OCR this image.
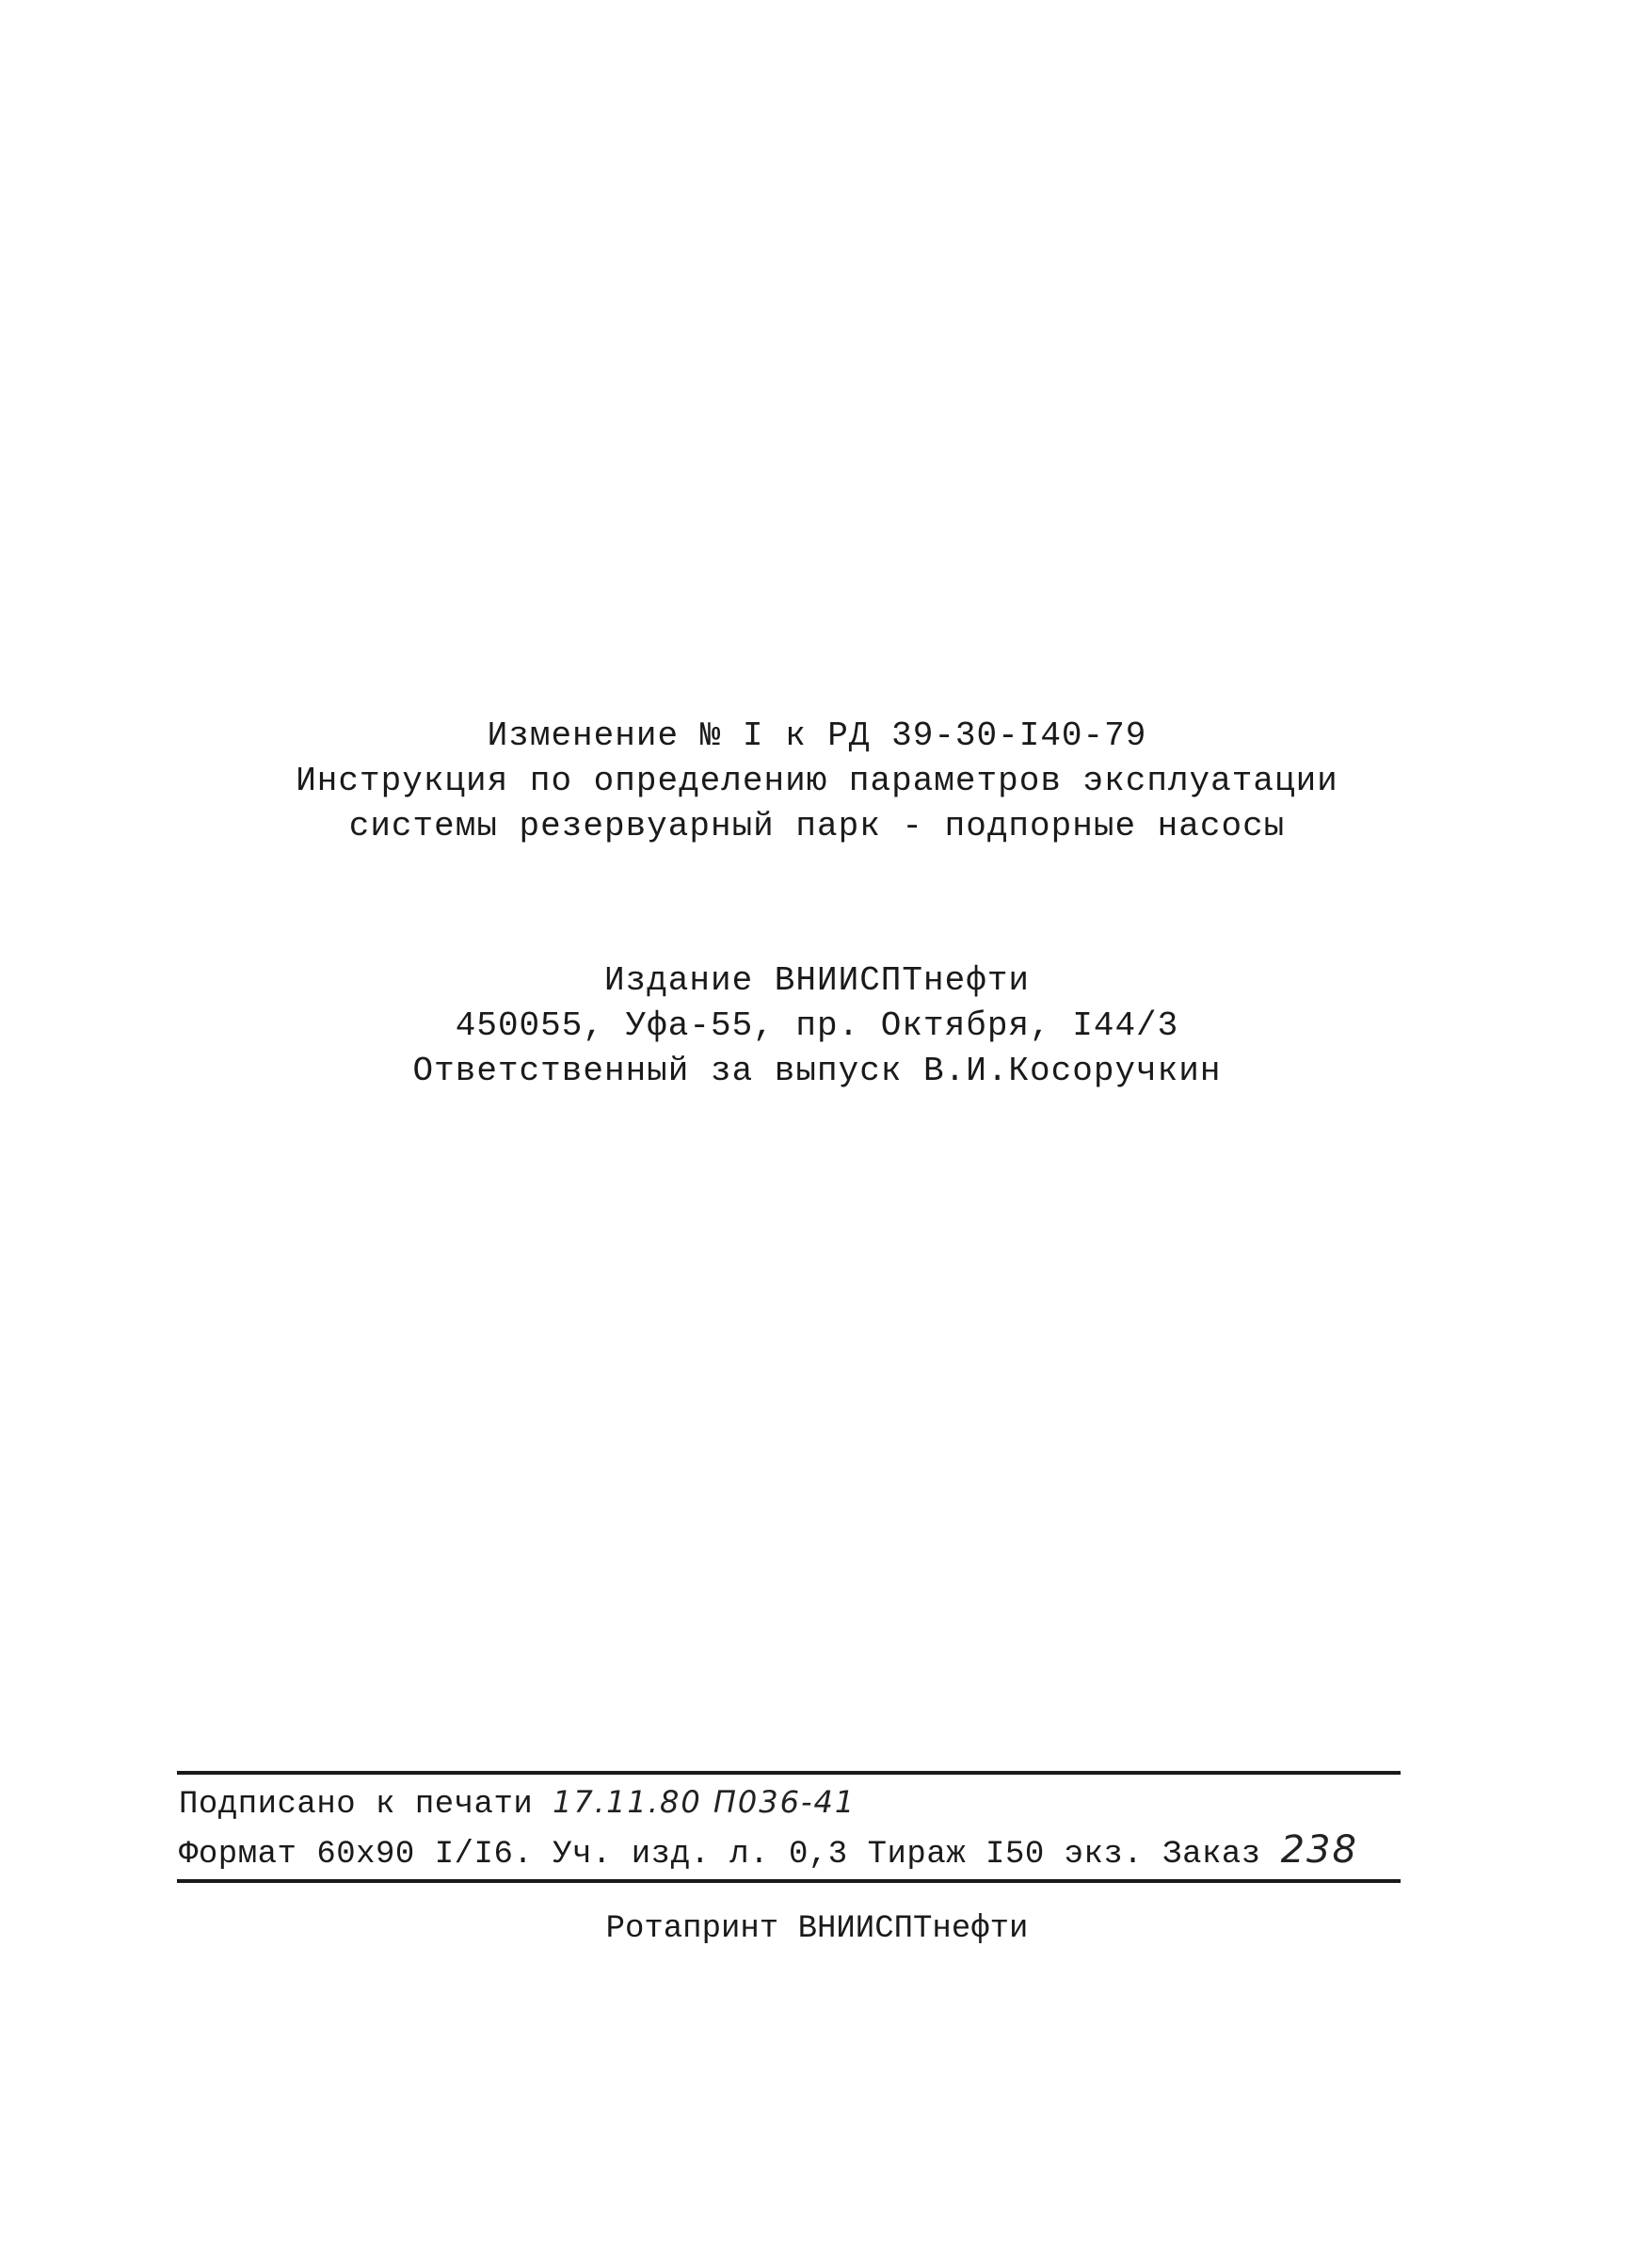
Изменение № I к РД 39-30-I40-79
Инструкция по определению параметров эксплуатации
системы резервуарный парк - подпорные насосы
Издание ВНИИСПТнефти
450055, Уфа-55, пр. Октября, I44/3
Ответственный за выпуск В.И.Косоручкин
Подписано к печати 17.11.80 П036-41
Формат 60х90 I/I6. Уч. изд. л. 0,3 Тираж I50 экз. Заказ 238
Ротапринт ВНИИСПТнефти
